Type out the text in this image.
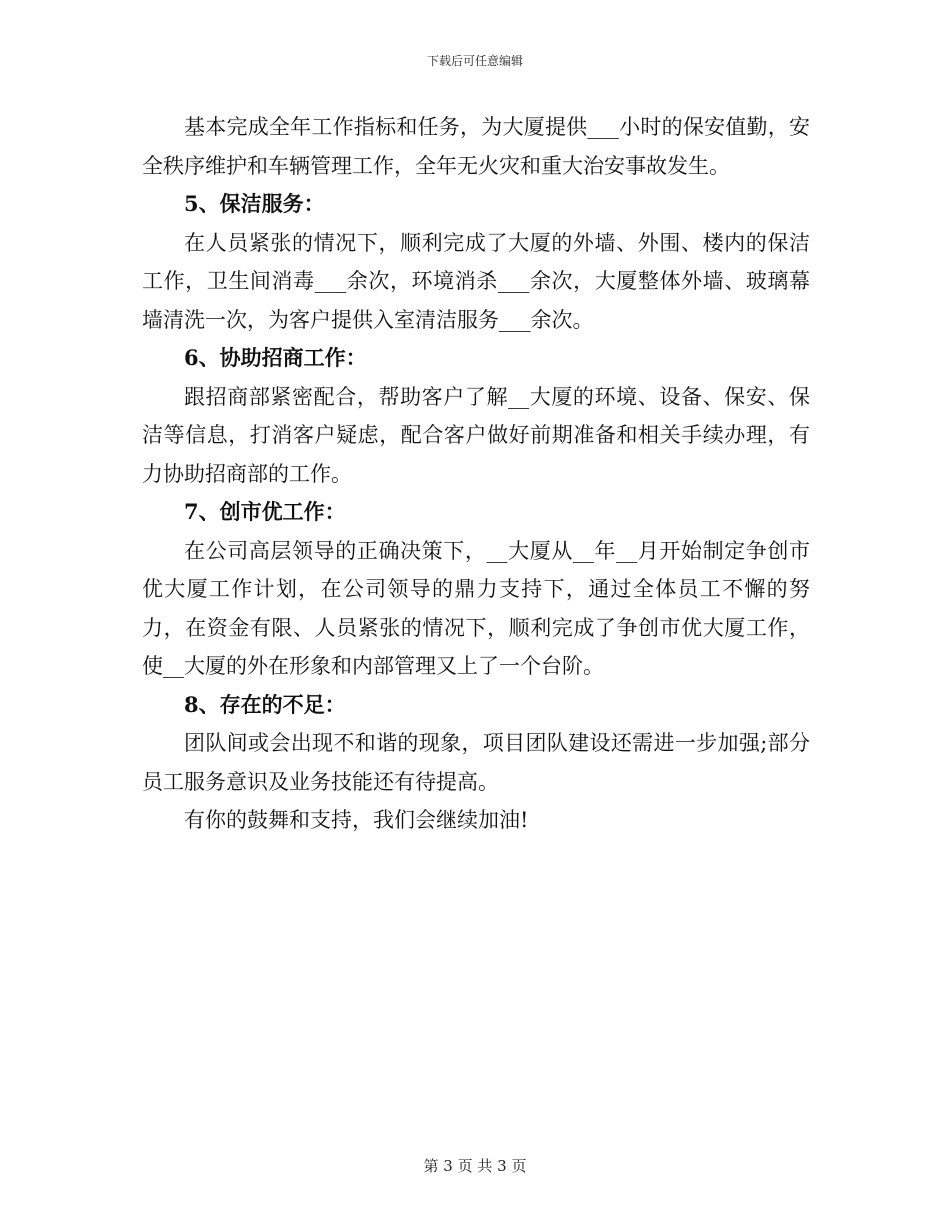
下载后可任意编辑

基本完成全年工作指标和任务，为大厦提供___小时的保安值勤，安全秩序维护和车辆管理工作，全年无火灾和重大治安事故发生。

5、保洁服务：

在人员紧张的情况下，顺利完成了大厦的外墙、外围、楼内的保洁工作，卫生间消毒___余次，环境消杀___余次，大厦整体外墙、玻璃幕墙清洗一次，为客户提供入室清洁服务___余次。

6、协助招商工作：

跟招商部紧密配合，帮助客户了解__大厦的环境、设备、保安、保洁等信息，打消客户疑虑，配合客户做好前期准备和相关手续办理，有力协助招商部的工作。

7、创市优工作：

在公司高层领导的正确决策下，__大厦从__年__月开始制定争创市优大厦工作计划，在公司领导的鼎力支持下，通过全体员工不懈的努力，在资金有限、人员紧张的情况下，顺利完成了争创市优大厦工作，使__大厦的外在形象和内部管理又上了一个台阶。

8、存在的不足：

团队间或会出现不和谐的现象，项目团队建设还需进一步加强;部分员工服务意识及业务技能还有待提高。

有你的鼓舞和支持，我们会继续加油!

第 3 页 共 3 页
